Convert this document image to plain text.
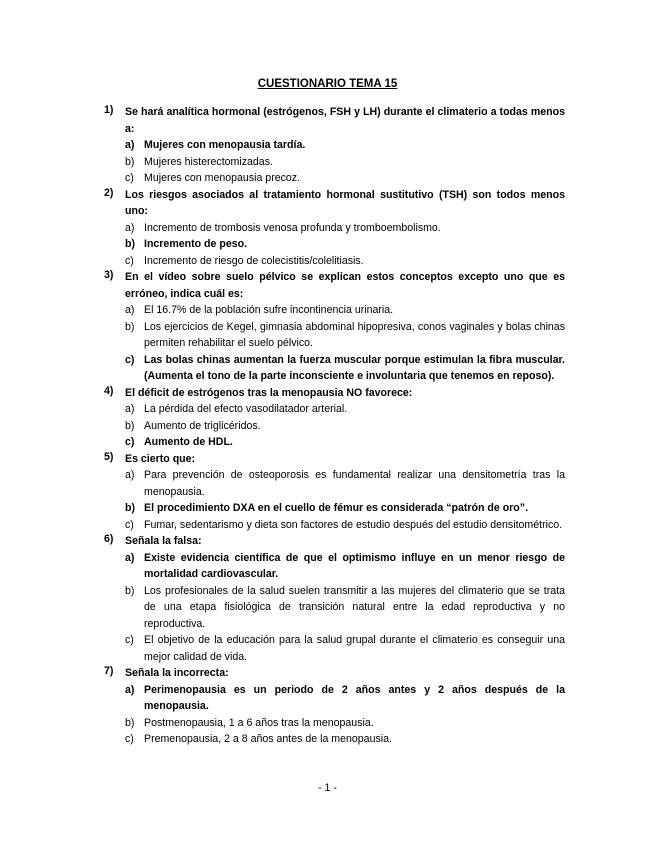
CUESTIONARIO TEMA 15
1)	Se hará analítica hormonal (estrógenos, FSH y LH) durante el climaterio a todas menos a:
a) Mujeres con menopausia tardía.
b) Mujeres histerectomizadas.
c) Mujeres con menopausia precoz.
2)	Los riesgos asociados al tratamiento hormonal sustitutivo (TSH) son todos menos uno:
a) Incremento de trombosis venosa profunda y tromboembolismo.
b) Incremento de peso.
c) Incremento de riesgo de colecistitis/colelitiasis.
3)	En el vídeo sobre suelo pélvico se explican estos conceptos excepto uno que es erróneo, indica cuál es:
a) El 16.7% de la población sufre incontinencia urinaria.
b) Los ejercicios de Kegel, gimnasia abdominal hipopresiva, conos vaginales y bolas chinas permiten rehabilitar el suelo pélvico.
c) Las bolas chinas aumentan la fuerza muscular porque estimulan la fibra muscular. (Aumenta el tono de la parte inconsciente e involuntaria que tenemos en reposo).
4)	El déficit de estrógenos tras la menopausia NO favorece:
a) La pérdida del efecto vasodilatador arterial.
b) Aumento de triglicéridos.
c) Aumento de HDL.
5)	Es cierto que:
a) Para prevención de osteoporosis es fundamental realizar una densitometría tras la menopausia.
b) El procedimiento DXA en el cuello de fémur es considerada “patrón de oro”.
c) Fumar, sedentarismo y dieta son factores de estudio después del estudio densitométrico.
6)	Señala la falsa:
a) Existe evidencia científica de que el optimismo influye en un menor riesgo de mortalidad cardiovascular.
b) Los profesionales de la salud suelen transmitir a las mujeres del climaterio que se trata de una etapa fisiológica de transición natural entre la edad reproductiva y no reproductiva.
c) El objetivo de la educación para la salud grupal durante el climaterio es conseguir una mejor calidad de vida.
7)	Señala la incorrecta:
a) Perimenopausia es un periodo de 2 años antes y 2 años después de la menopausia.
b) Postmenopausia, 1 a 6 años tras la menopausia.
c) Premenopausia, 2 a 8 años antes de la menopausia.
- 1 -
